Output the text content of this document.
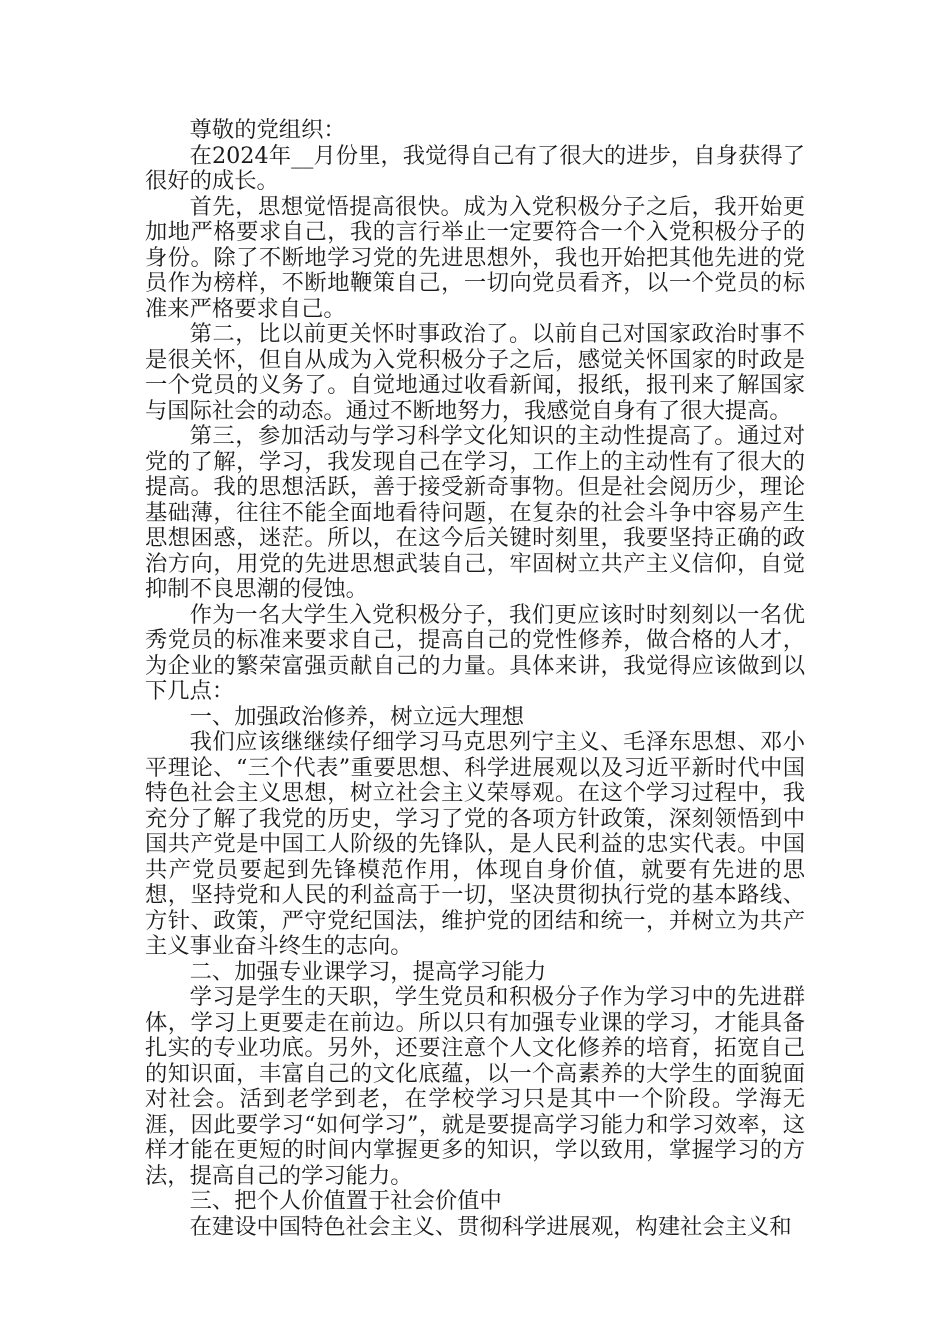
尊敬的党组织：

在2024年__月份里，我觉得自己有了很大的进步，自身获得了很好的成长。

首先，思想觉悟提高很快。成为入党积极分子之后，我开始更加地严格要求自己，我的言行举止一定要符合一个入党积极分子的身份。除了不断地学习党的先进思想外，我也开始把其他先进的党员作为榜样，不断地鞭策自己，一切向党员看齐，以一个党员的标准来严格要求自己。

第二，比以前更关怀时事政治了。以前自己对国家政治时事不是很关怀，但自从成为入党积极分子之后，感觉关怀国家的时政是一个党员的义务了。自觉地通过收看新闻，报纸，报刊来了解国家与国际社会的动态。通过不断地努力，我感觉自身有了很大提高。

第三，参加活动与学习科学文化知识的主动性提高了。通过对党的了解，学习，我发现自己在学习，工作上的主动性有了很大的提高。我的思想活跃，善于接受新奇事物。但是社会阅历少，理论基础薄，往往不能全面地看待问题，在复杂的社会斗争中容易产生思想困惑，迷茫。所以，在这今后关键时刻里，我要坚持正确的政治方向，用党的先进思想武装自己，牢固树立共产主义信仰，自觉抑制不良思潮的侵蚀。

作为一名大学生入党积极分子，我们更应该时时刻刻以一名优秀党员的标准来要求自己，提高自己的党性修养，做合格的人才，为企业的繁荣富强贡献自己的力量。具体来讲，我觉得应该做到以下几点：

一、加强政治修养，树立远大理想

我们应该继继续仔细学习马克思列宁主义、毛泽东思想、邓小平理论、“三个代表”重要思想、科学进展观以及习近平新时代中国特色社会主义思想，树立社会主义荣辱观。在这个学习过程中，我充分了解了我党的历史，学习了党的各项方针政策，深刻领悟到中国共产党是中国工人阶级的先锋队，是人民利益的忠实代表。中国共产党员要起到先锋模范作用，体现自身价值，就要有先进的思想，坚持党和人民的利益高于一切，坚决贯彻执行党的基本路线、方针、政策，严守党纪国法，维护党的团结和统一，并树立为共产主义事业奋斗终生的志向。

二、加强专业课学习，提高学习能力

学习是学生的天职，学生党员和积极分子作为学习中的先进群体，学习上更要走在前边。所以只有加强专业课的学习，才能具备扎实的专业功底。另外，还要注意个人文化修养的培育，拓宽自己的知识面，丰富自己的文化底蕴，以一个高素养的大学生的面貌面对社会。活到老学到老，在学校学习只是其中一个阶段。学海无涯，因此要学习“如何学习”，就是要提高学习能力和学习效率，这样才能在更短的时间内掌握更多的知识，学以致用，掌握学习的方法，提高自己的学习能力。

三、把个人价值置于社会价值中

在建设中国特色社会主义、贯彻科学进展观，构建社会主义和
